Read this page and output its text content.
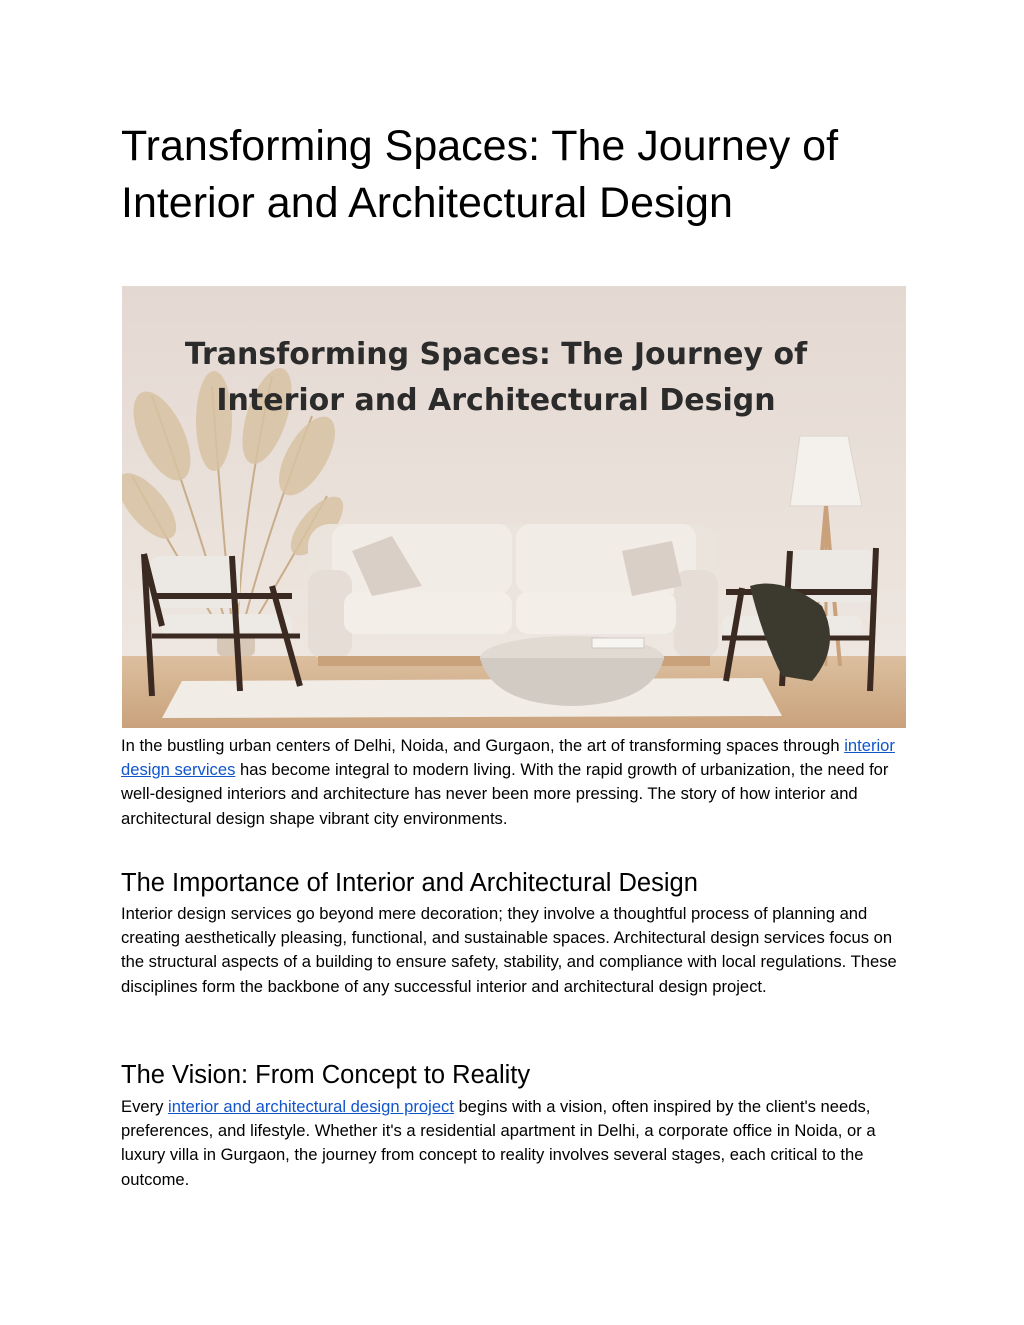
Transforming Spaces: The Journey of Interior and Architectural Design
Transforming Spaces: The Journey of
Interior and Architectural Design

In the bustling urban centers of Delhi, Noida, and Gurgaon, the art of transforming spaces through interior design services has become integral to modern living. With the rapid growth of urbanization, the need for well-designed interiors and architecture has never been more pressing. The story of how interior and architectural design shape vibrant city environments.

The Importance of Interior and Architectural Design

Interior design services go beyond mere decoration; they involve a thoughtful process of planning and creating aesthetically pleasing, functional, and sustainable spaces. Architectural design services focus on the structural aspects of a building to ensure safety, stability, and compliance with local regulations. These disciplines form the backbone of any successful interior and architectural design project.

The Vision: From Concept to Reality

Every interior and architectural design project begins with a vision, often inspired by the client's needs, preferences, and lifestyle. Whether it's a residential apartment in Delhi, a corporate office in Noida, or a luxury villa in Gurgaon, the journey from concept to reality involves several stages, each critical to the outcome.
